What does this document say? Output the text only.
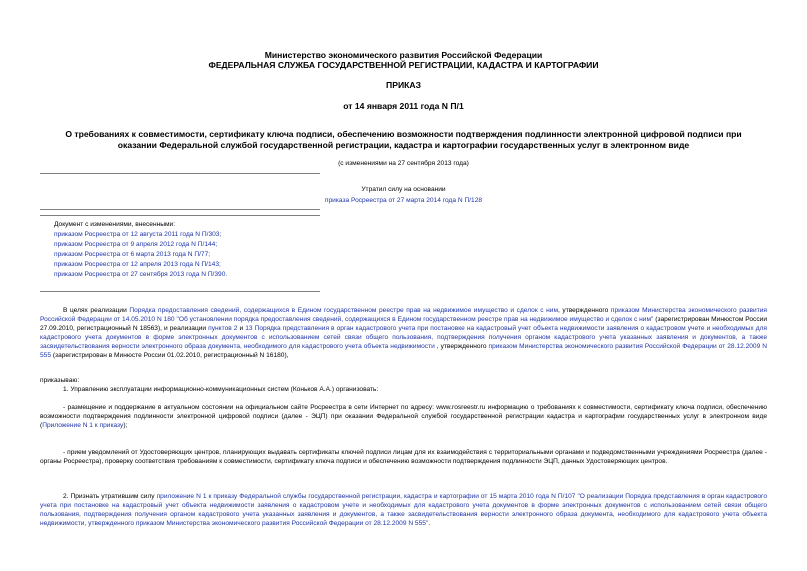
Министерство экономического развития Российской Федерации
ФЕДЕРАЛЬНАЯ СЛУЖБА ГОСУДАРСТВЕННОЙ РЕГИСТРАЦИИ, КАДАСТРА И КАРТОГРАФИИ
ПРИКАЗ
от 14 января 2011 года N П/1
О требованиях к совместимости, сертификату ключа подписи, обеспечению возможности подтверждения подлинности электронной цифровой подписи при
оказании Федеральной службой государственной регистрации, кадастра и картографии государственных услуг в электронном виде
(с изменениями на 27 сентября 2013 года)
Утратил силу на основании
приказа Росреестра от 27 марта 2014 года N П/128
Документ с изменениями, внесенными:
приказом Росреестра от 12 августа 2011 года N П/303;
приказом Росреестра от 9 апреля 2012 года N П/144;
приказом Росреестра от 6 марта 2013 года N П/77;
приказом Росреестра от 12 апреля 2013 года N П/143;
приказом Росреестра от 27 сентября 2013 года N П/390.
В целях реализации Порядка предоставления сведений, содержащихся в Едином государственном реестре прав на недвижимое имущество и сделок с ним, утвержденного приказом Министерства экономического развития Российской Федерации от 14.05.2010 N 180 "Об установлении порядка предоставления сведений, содержащихся в Едином государственном реестре прав на недвижимое имущество и сделок с ним" (зарегистрирован Минюстом России 27.09.2010, регистрационный N 18563), и реализации пунктов 2 и 13 Порядка представления в орган кадастрового учета при постановке на кадастровый учет объекта недвижимости заявления о кадастровом учете и необходимых для кадастрового учета документов в форме электронных документов с использованием сетей связи общего пользования, подтверждения получения органом кадастрового учета указанных заявления и документов, а также засвидетельствования верности электронного образа документа, необходимого для кадастрового учета объекта недвижимости , утвержденного приказом Министерства экономического развития Российской Федерации от 28.12.2009 N 555 (зарегистрирован в Минюсте России 01.02.2010, регистрационный N 16180),
приказываю:
1. Управлению эксплуатации информационно-коммуникационных систем (Коньков А.А.) организовать:
- размещение и поддержание в актуальном состоянии на официальном сайте Росреестра в сети Интернет по адресу: www.rosreestr.ru информацию о требованиях к совместимости, сертификату ключа подписи, обеспечению возможности подтверждения подлинности электронной цифровой подписи (далее - ЭЦП) при оказании Федеральной службой государственной регистрации кадастра и картографии государственных услуг в электронном виде (Приложение N 1 к приказу);
- прием уведомлений от Удостоверяющих центров, планирующих выдавать сертификаты ключей подписи лицам для их взаимодействия с территориальными органами и подведомственными учреждениями Росреестра (далее - органы Росреестра), проверку соответствия требованиям к совместимости, сертификату ключа подписи и обеспечению возможности подтверждения подлинности ЭЦП, данных Удостоверяющих центров.
2. Признать утратившим силу приложение N 1 к приказу Федеральной службы государственной регистрации, кадастра и картографии от 15 марта 2010 года N П/107 "О реализации Порядка представления в орган кадастрового учета при постановке на кадастровый учет объекта недвижимости заявления о кадастровом учете и необходимых для кадастрового учета документов в форме электронных документов с использованием сетей связи общего пользования, подтверждения получения органом кадастрового учета указанных заявления и документов, а также засвидетельствования верности электронного образа документа, необходимого для кадастрового учета объекта недвижимости, утвержденного приказом Министерства экономического развития Российской Федерации от 28.12.2009 N 555".
